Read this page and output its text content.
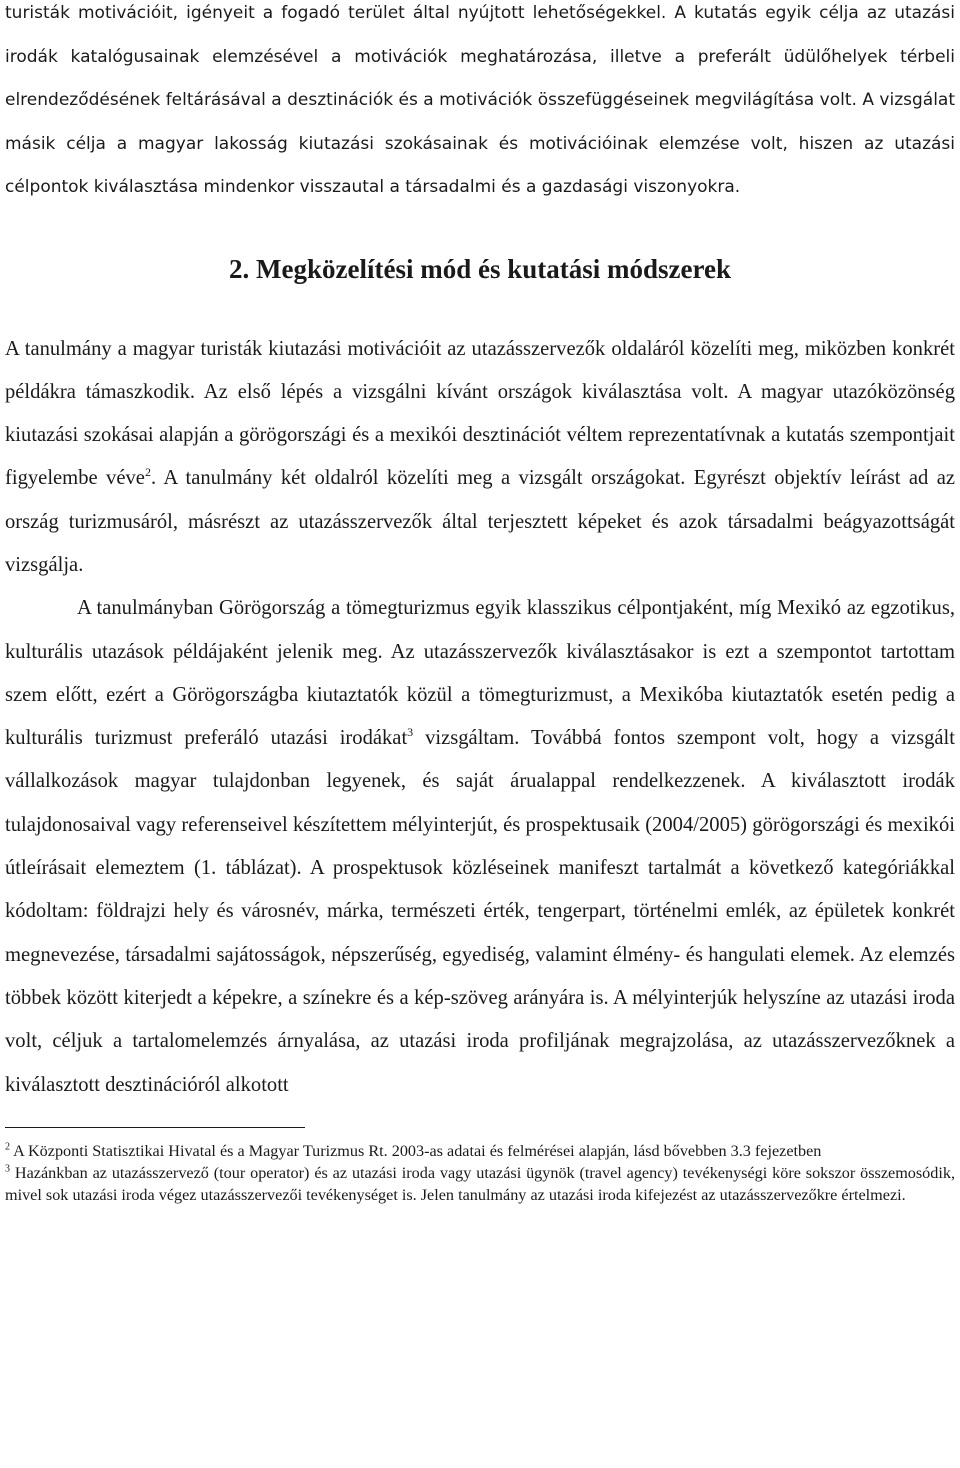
turisták motivációit, igényeit a fogadó terület által nyújtott lehetőségekkel. A kutatás egyik célja az utazási irodák katalógusainak elemzésével a motivációk meghatározása, illetve a preferált üdülőhelyek térbeli elrendeződésének feltárásával a desztinációk és a motivációk összefüggéseinek megvilágítása volt. A vizsgálat másik célja a magyar lakosság kiutazási szokásainak és motivációinak elemzése volt, hiszen az utazási célpontok kiválasztása mindenkor visszautal a társadalmi és a gazdasági viszonyokra.

2. Megközelítési mód és kutatási módszerek

A tanulmány a magyar turisták kiutazási motivációit az utazásszervezők oldaláról közelíti meg, miközben konkrét példákra támaszkodik. Az első lépés a vizsgálni kívánt országok kiválasztása volt. A magyar utazóközönség kiutazási szokásai alapján a görögországi és a mexikói desztinációt véltem reprezentatívnak a kutatás szempontjait figyelembe véve$^2$. A tanulmány két oldalról közelíti meg a vizsgált országokat. Egyrészt objektív leírást ad az ország turizmusáról, másrészt az utazásszervezők által terjesztett képeket és azok társadalmi beágyazottságát vizsgálja.

A tanulmányban Görögország a tömegturizmus egyik klasszikus célpontjaként, míg Mexikó az egzotikus, kulturális utazások példájaként jelenik meg. Az utazásszervezők kiválasztásakor is ezt a szempontot tartottam szem előtt, ezért a Görögországba kiutaztatók közül a tömegturizmust, a Mexikóba kiutaztatók esetén pedig a kulturális turizmust preferáló utazási irodákat$^3$ vizsgáltam. Továbbá fontos szempont volt, hogy a vizsgált vállalkozások magyar tulajdonban legyenek, és saját árualappal rendelkezzenek. A kiválasztott irodák tulajdonosaival vagy referenseivel készítettem mélyinterjút, és prospektusaik (2004/2005) görögországi és mexikói útleírásait elemeztem (1. táblázat). A prospektusok közléseinek manifeszt tartalmát a következő kategóriákkal kódoltam: földrajzi hely és városnév, márka, természeti érték, tengerpart, történelmi emlék, az épületek konkrét megnevezése, társadalmi sajátosságok, népszerűség, egyediség, valamint élmény- és hangulati elemek. Az elemzés többek között kiterjedt a képekre, a színekre és a kép-szöveg arányára is. A mélyinterjúk helyszíne az utazási iroda volt, céljuk a tartalomelemzés árnyalása, az utazási iroda profiljának megrajzolása, az utazásszervezőknek a kiválasztott desztinációról alkotott

$^2$ A Központi Statisztikai Hivatal és a Magyar Turizmus Rt. 2003-as adatai és felmérései alapján, lásd bővebben 3.3 fejezetben

$^3$ Hazánkban az utazásszervező (tour operator) és az utazási iroda vagy utazási ügynök (travel agency) tevékenységi köre sokszor összemosódik, mivel sok utazási iroda végez utazásszervezői tevékenységet is. Jelen tanulmány az utazási iroda kifejezést az utazásszervezőkre értelmezi.
